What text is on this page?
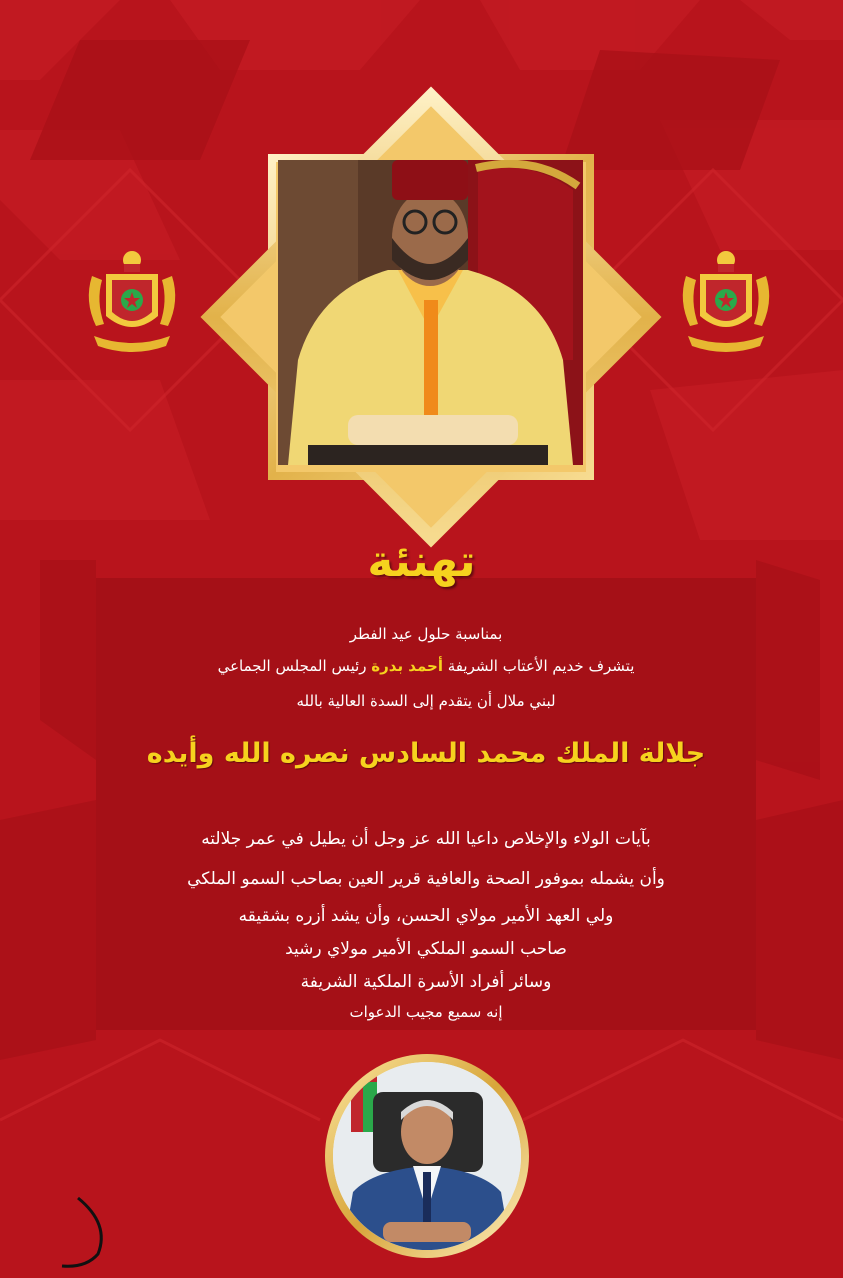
تهنئة
بمناسبة حلول عيد الفطر
يتشرف خديم الأعتاب الشريفة أحمد بدرة رئيس المجلس الجماعي
لبني ملال أن يتقدم إلى السدة العالية بالله
جلالة الملك محمد السادس نصره الله وأيده
بآيات الولاء والإخلاص داعيا الله عز وجل أن يطيل في عمر جلالته
وأن يشمله بموفور الصحة والعافية قرير العين بصاحب السمو الملكي
ولي العهد الأمير مولاي الحسن، وأن يشد أزره بشقيقه
صاحب السمو الملكي الأمير مولاي رشيد
وسائر أفراد الأسرة الملكية الشريفة
إنه سميع مجيب الدعوات
